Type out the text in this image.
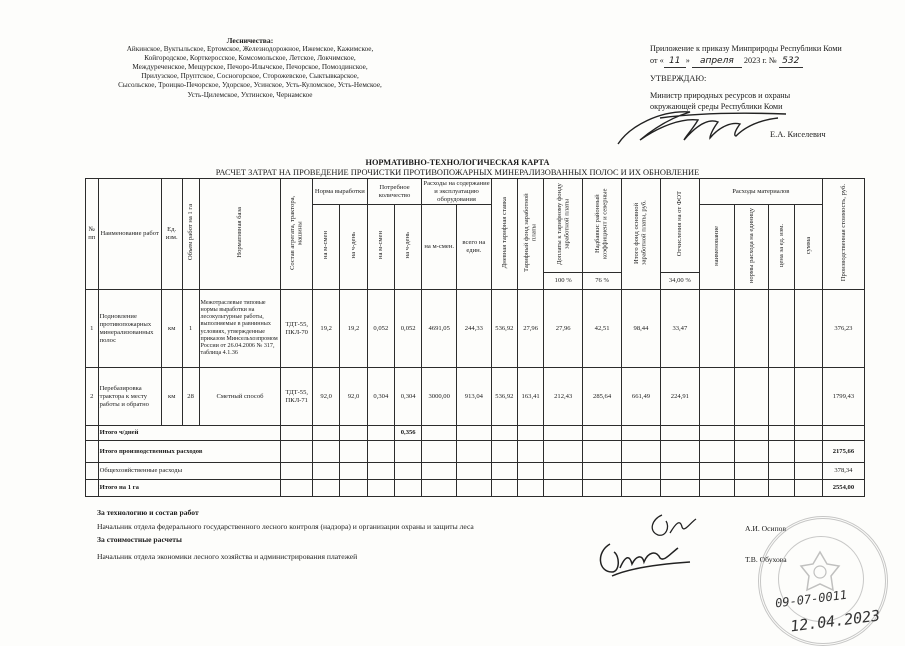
Лесничества:
Айкинское, Вуктыльское, Ертомское, Железнодорожное, Ижемское, Кажимское,
Койгородское, Корткеросское, Комсомольское, Летское, Локчимское,
Междуреченское, Мещурское, Печоро-Илычское, Печорское, Помоздинское,
Прилузское, Пруптское, Сосногорское, Сторожевское, Сыктывкарское,
Сысольское, Троицко-Печорское, Удорское, Усинское, Усть-Куломское, Усть-Немское,
Усть-Цилемское, Ухтинское, Чернамское
Приложение к приказу Минприроды Республики Коми
от « 11 » апреля 2023 г. № 532
УТВЕРЖДАЮ:
Министр природных ресурсов и охраны
окружающей среды Республики Коми
Е.А. Киселевич
НОРМАТИВНО-ТЕХНОЛОГИЧЕСКАЯ КАРТА
РАСЧЕТ ЗАТРАТ НА ПРОВЕДЕНИЕ ПРОЧИСТКИ ПРОТИВОПОЖАРНЫХ МИНЕРАЛИЗОВАННЫХ ПОЛОС И ИХ ОБНОВЛЕНИЕ
№ пп	Наименование работ	Ед. изм.	Объем работ на 1 га	Нормативная база	Состав агрегата, трактора, машины	Норма выработки		Потребное количество		Расходы на содержание и эксплуатацию оборудования		Дневная тарифная ставка	Тарифный фонд заработной платы	Доплаты к тарифному фонду заработной платы	Надбавки: районный коэффициент и северные	Итого фонд основной заработной платы, руб.	Отчисления на от ФОТ	Расходы материалов				Производственная стоимость, руб.
						на м-смен	на ч-день	на м-смен	на ч-день	на м-смен.	всего на един.							наименование	нормы расхода на единицу	цена за ед. изм.	сумма	
														100 %	76 %		34,00 %					
1	Подновление противопожарных минерализованных полос	км	1	Межотраслевые типовые нормы выработки на лесокультурные работы, выполняемые в равнинных условиях, утвержденные приказом Минсельхозпромом России от 26.04.2006 № 317, таблица 4.1.36	ТДТ-55, ПКЛ-70	19,2	19,2	0,052	0,052	4691,05	244,33	536,92	27,96	27,96	42,51	98,44	33,47					376,23
2	Перебазировка трактора к месту работы и обратно	км	28	Сметный способ	ТДТ-55, ПКЛ-71	92,0	92,0	0,304	0,304	3000,00	913,04	536,92	163,41	212,43	285,64	661,49	224,91					1799,43
	Итого ч/дней								0,356													
	Итого производственных расходов																					2175,66
	Общехозяйственные расходы																					378,34
	Итого на 1 га																					2554,00
За технологию и состав работ
Начальник отдела федерального государственного лесного контроля (надзора) и организации охраны и защиты леса	А.И. Осипов
За стоимостные расчеты
Начальник отдела экономики лесного хозяйства и администрирования платежей	Т.В. Обухова
09-07-0011
12.04.2023
